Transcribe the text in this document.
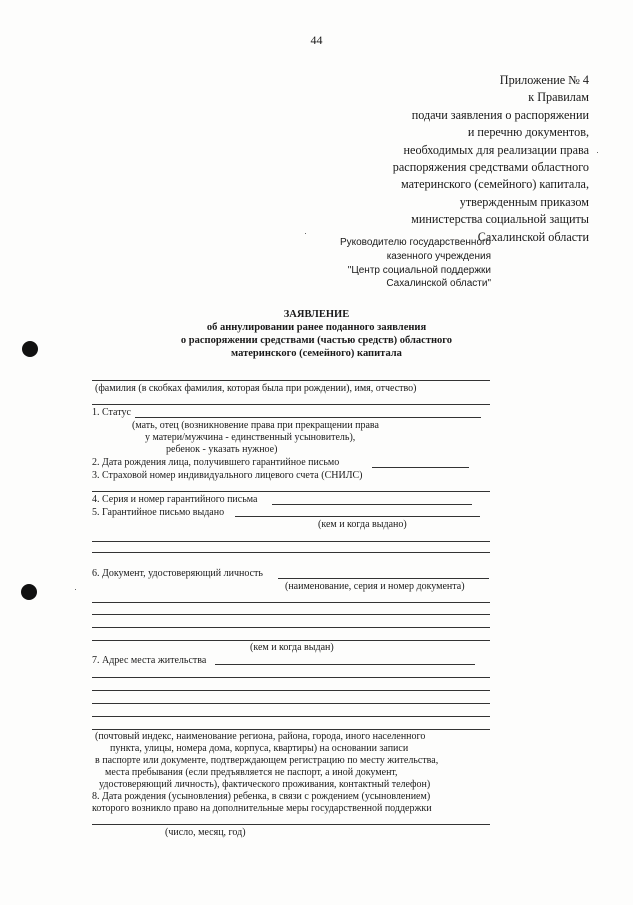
44
Приложение № 4
к Правилам
подачи заявления о распоряжении
и перечню документов,
необходимых для реализации права
распоряжения средствами областного
материнского (семейного) капитала,
утвержденным приказом
министерства социальной защиты
Сахалинской области
Руководителю государственного
казенного учреждения
"Центр социальной поддержки
Сахалинской области"
ЗАЯВЛЕНИЕ
об аннулировании ранее поданного заявления
о распоряжении средствами (частью средств) областного
материнского (семейного) капитала
(фамилия (в скобках фамилия, которая была при рождении), имя, отчество)
1. Статус
(мать, отец (возникновение права при прекращении права
у матери/мужчина - единственный усыновитель),
ребенок - указать нужное)
2. Дата рождения лица, получившего гарантийное письмо
3. Страховой номер индивидуального лицевого счета (СНИЛС)
4. Серия и номер гарантийного письма
5. Гарантийное письмо выдано
(кем и когда выдано)
6. Документ, удостоверяющий личность
(наименование, серия и номер документа)
(кем и когда выдан)
7. Адрес места жительства
(почтовый индекс, наименование региона, района, города, иного населенного
пункта, улицы, номера дома, корпуса, квартиры) на основании записи
в паспорте или документе, подтверждающем регистрацию по месту жительства,
места пребывания (если предъявляется не паспорт, а иной документ,
удостоверяющий личность), фактического проживания, контактный телефон)
8. Дата рождения (усыновления) ребенка, в связи с рождением (усыновлением)
которого возникло право на дополнительные меры государственной поддержки
(число, месяц, год)
